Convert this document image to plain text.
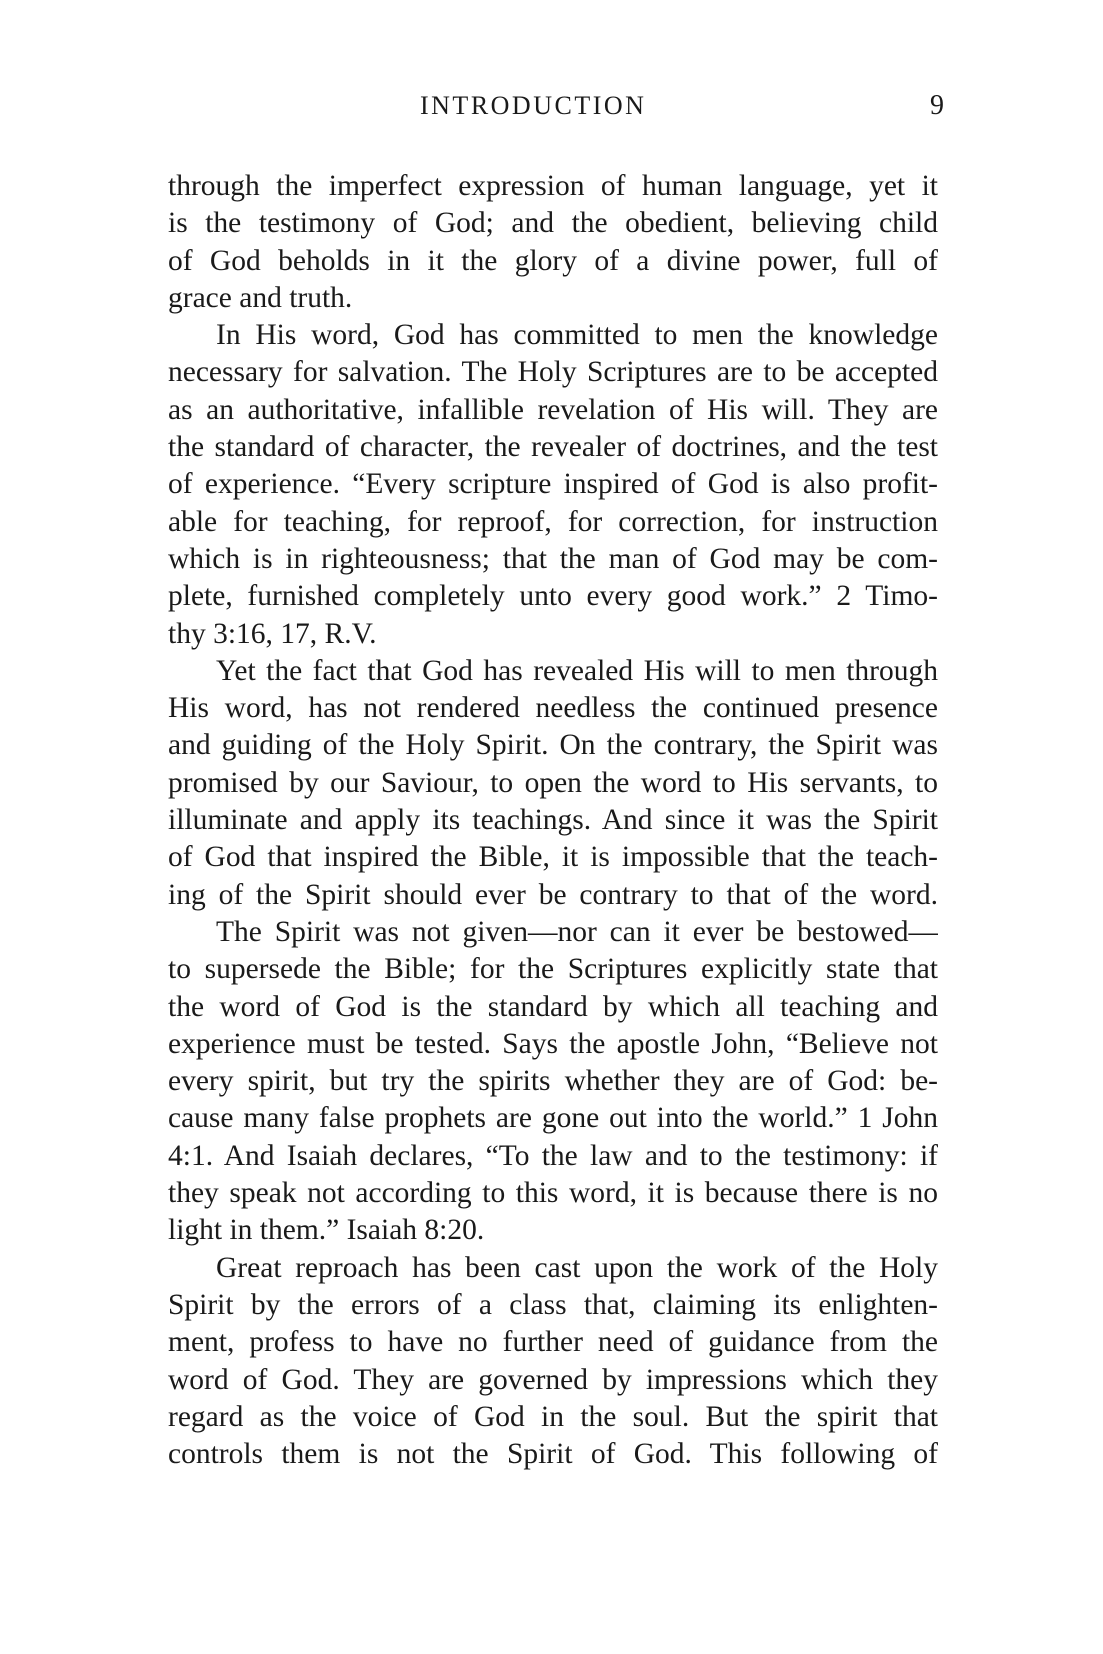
INTRODUCTION	9
through the imperfect expression of human language, yet it
is the testimony of God; and the obedient, believing child
of God beholds in it the glory of a divine power, full of
grace and truth.
In His word, God has committed to men the knowledge
necessary for salvation. The Holy Scriptures are to be accepted
as an authoritative, infallible revelation of His will. They are
the standard of character, the revealer of doctrines, and the test
of experience. “Every scripture inspired of God is also profit-
able for teaching, for reproof, for correction, for instruction
which is in righteousness; that the man of God may be com-
plete, furnished completely unto every good work.” 2 Timo-
thy 3:16, 17, R.V.
Yet the fact that God has revealed His will to men through
His word, has not rendered needless the continued presence
and guiding of the Holy Spirit. On the contrary, the Spirit was
promised by our Saviour, to open the word to His servants, to
illuminate and apply its teachings. And since it was the Spirit
of God that inspired the Bible, it is impossible that the teach-
ing of the Spirit should ever be contrary to that of the word.
The Spirit was not given—nor can it ever be bestowed—
to supersede the Bible; for the Scriptures explicitly state that
the word of God is the standard by which all teaching and
experience must be tested. Says the apostle John, “Believe not
every spirit, but try the spirits whether they are of God: be-
cause many false prophets are gone out into the world.” 1 John
4:1. And Isaiah declares, “To the law and to the testimony: if
they speak not according to this word, it is because there is no
light in them.” Isaiah 8:20.
Great reproach has been cast upon the work of the Holy
Spirit by the errors of a class that, claiming its enlighten-
ment, profess to have no further need of guidance from the
word of God. They are governed by impressions which they
regard as the voice of God in the soul. But the spirit that
controls them is not the Spirit of God. This following of
